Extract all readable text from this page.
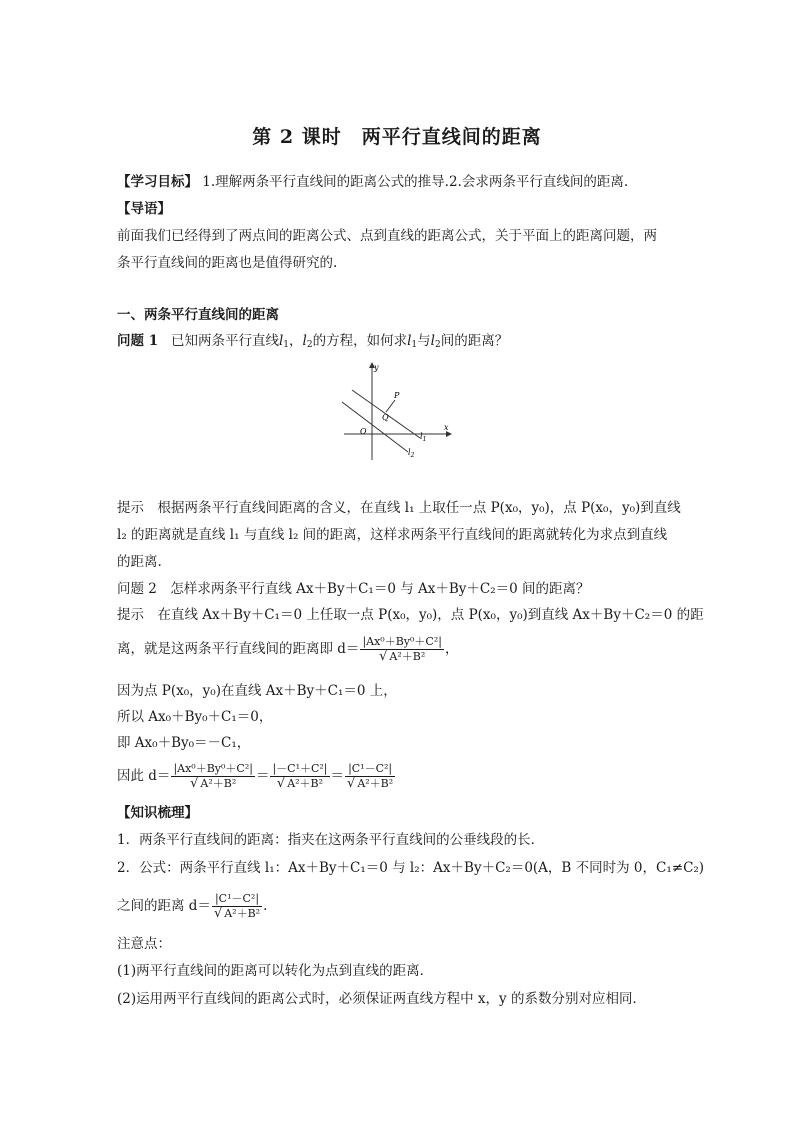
第 2 课时　两平行直线间的距离
【学习目标】 1.理解两条平行直线间的距离公式的推导.2.会求两条平行直线间的距离.
【导语】
前面我们已经得到了两点间的距离公式、点到直线的距离公式，关于平面上的距离问题，两
条平行直线间的距离也是值得研究的.
一、两条平行直线间的距离
问题 1 已知两条平行直线$l_1$，$l_2$的方程，如何求$l_1$与$l_2$间的距离？
y
x
O
P
Q
$l_1$
$l_2$
提示　根据两条平行直线间距离的含义，在直线 l₁ 上取任一点 P(x₀，y₀)，点 P(x₀，y₀)到直线
l₂ 的距离就是直线 l₁ 与直线 l₂ 间的距离，这样求两条平行直线间的距离就转化为求点到直线
的距离.
问题 2　怎样求两条平行直线 Ax＋By＋C₁＝0 与 Ax＋By＋C₂＝0 间的距离？
提示　在直线 Ax＋By＋C₁＝0 上任取一点 P(x₀，y₀)，点 P(x₀，y₀)到直线 Ax＋By＋C₂＝0 的距
离，就是这两条平行直线间的距离即 $d= \frac{\text{|Ax⁰＋By⁰＋C²|}}{\text{√ A²＋B²}}$ ，
因为点 P(x₀，y₀)在直线 Ax＋By＋C₁＝0 上，
所以 Ax₀＋By₀＋C₁＝0，
即 Ax₀＋By₀＝－C₁，
因此 $d= \frac{\text{|Ax⁰＋By⁰＋C²|}}{\text{√ A²＋B²}} = \frac{\text{|－C¹＋C²|}}{\text{√ A²＋B²}} = \frac{\text{|C¹－C²|}}{\text{√ A²＋B²}}$
【知识梳理】
1．两条平行直线间的距离：指夹在这两条平行直线间的公垂线段的长．
2．公式：两条平行直线 l₁：Ax＋By＋C₁＝0 与 l₂：Ax＋By＋C₂＝0(A，B 不同时为 0，C₁≠C₂)
之间的距离 $d= \frac{\text{|C¹－C²|}}{\text{√ A²＋B²}}$ .
注意点：
(1)两平行直线间的距离可以转化为点到直线的距离．
(2)运用两平行直线间的距离公式时，必须保证两直线方程中 x，y 的系数分别对应相同．
